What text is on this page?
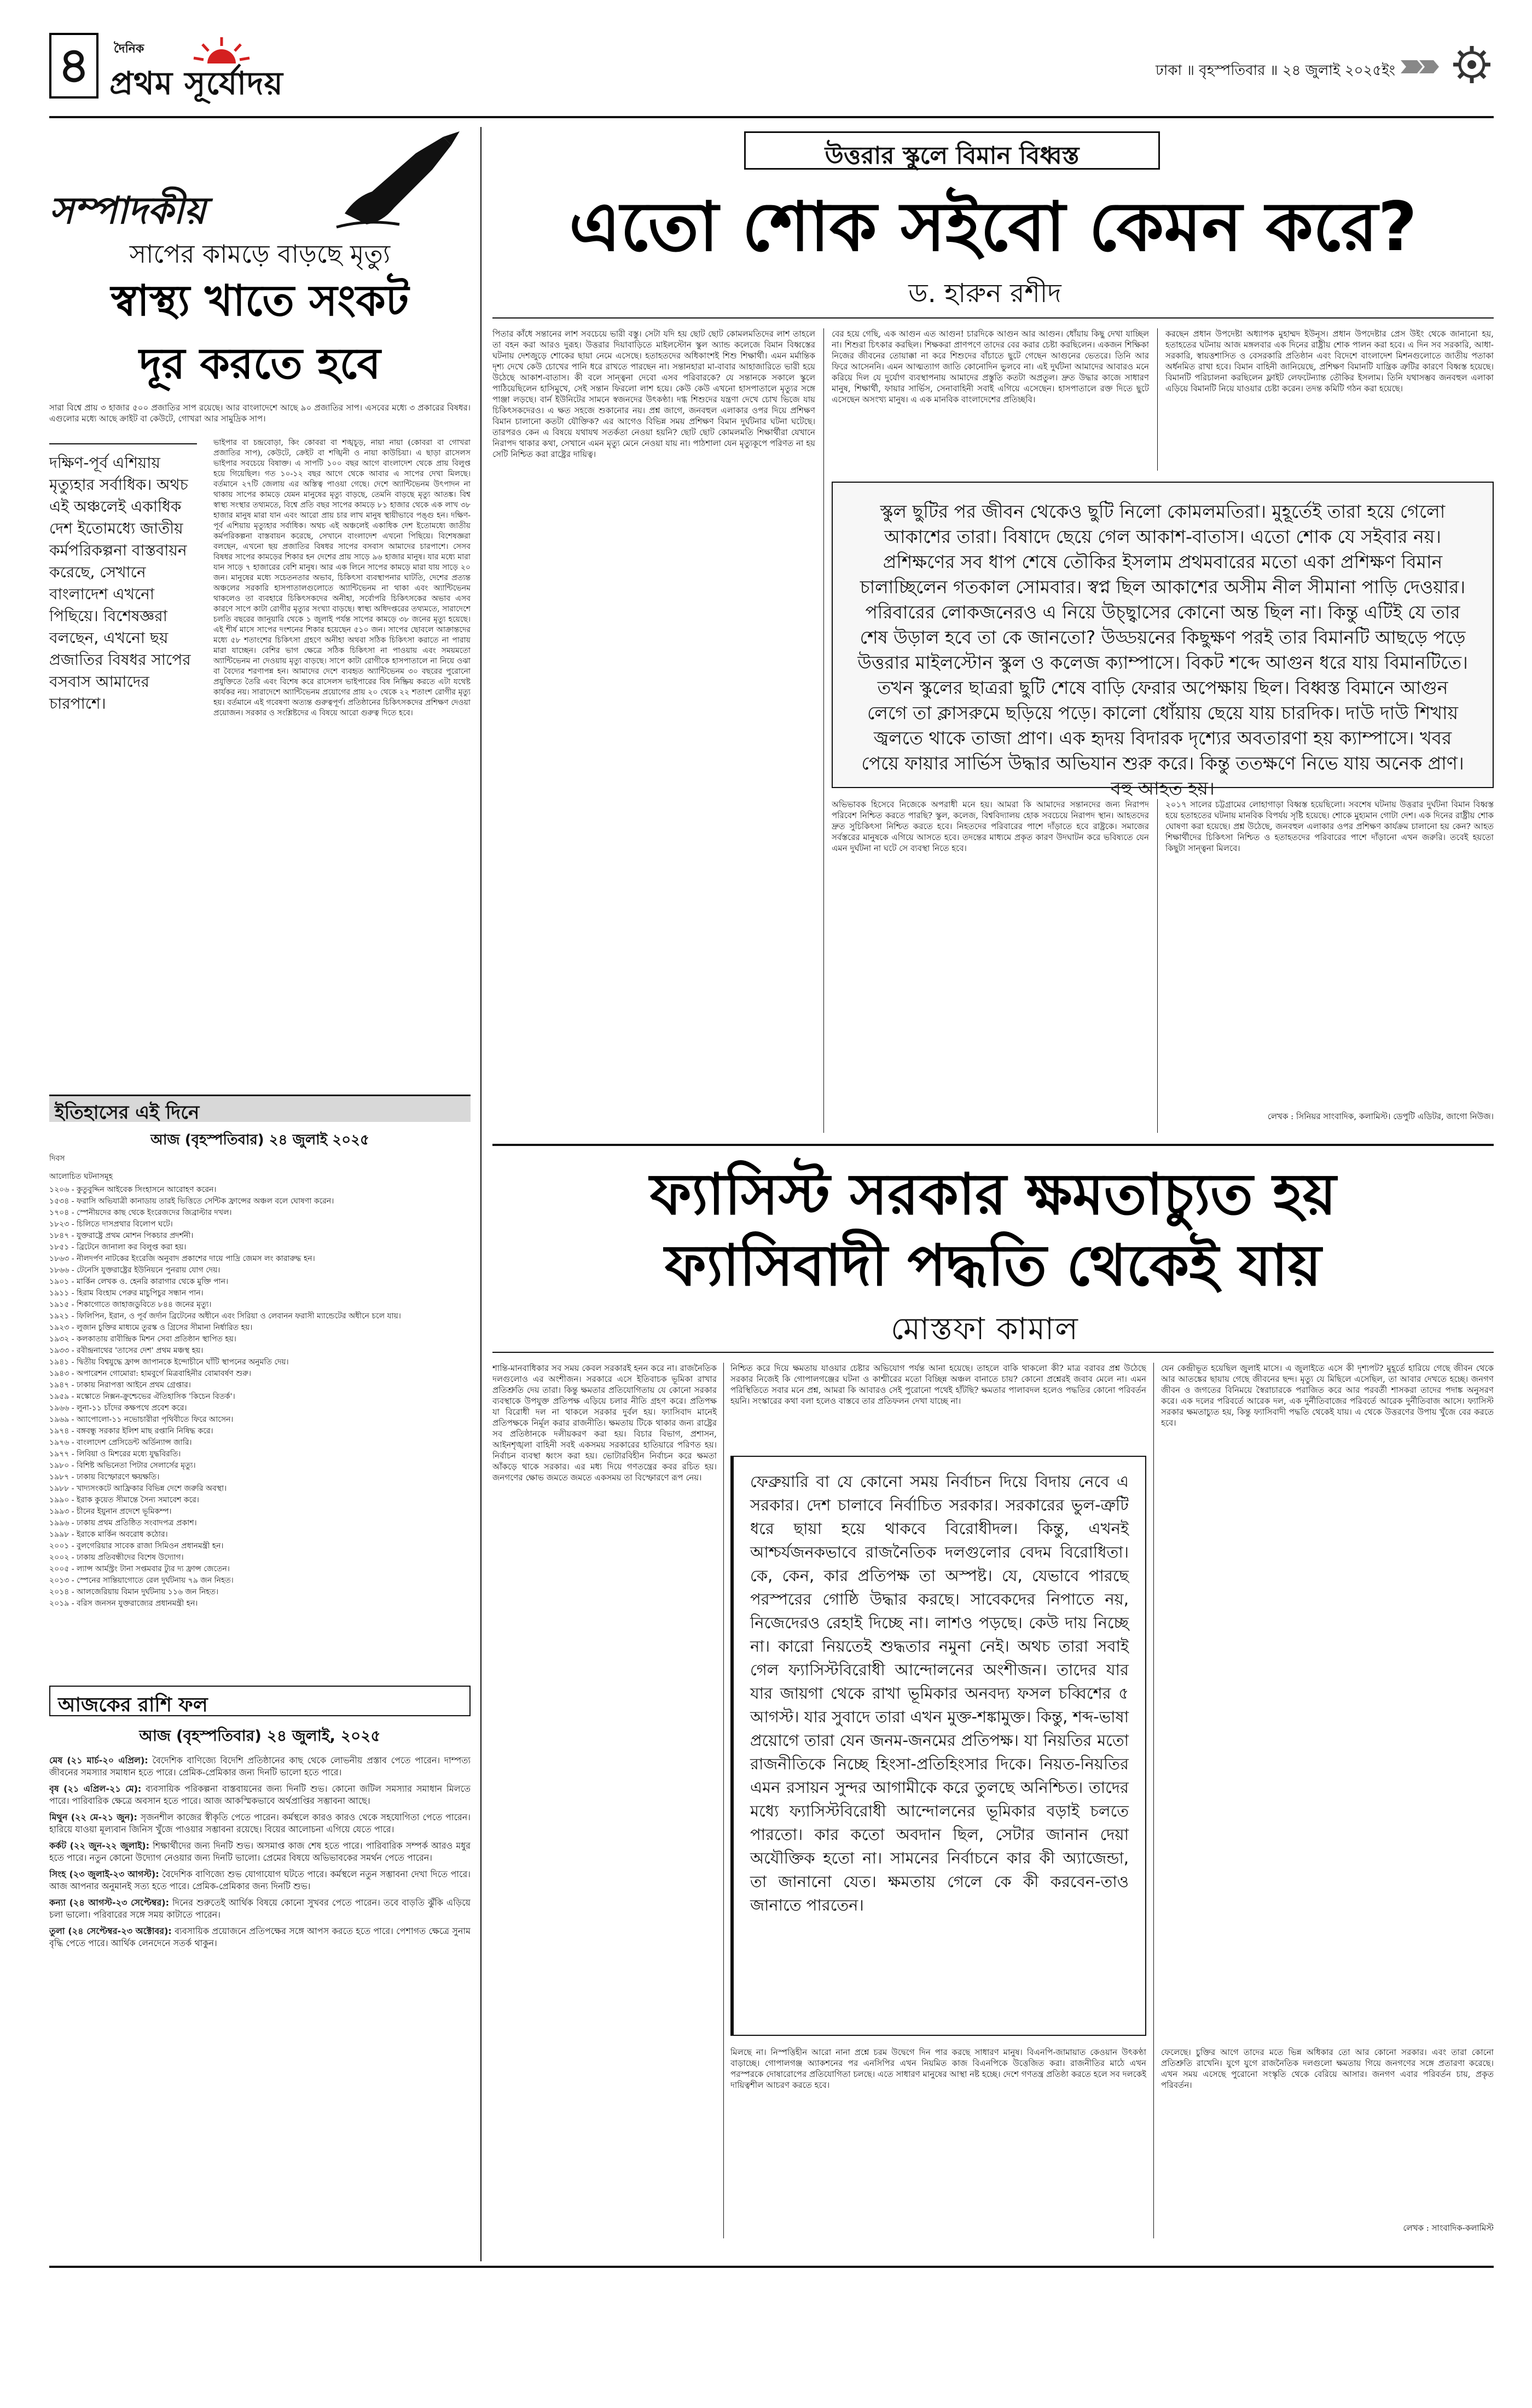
৪ দৈনিক
প্রথম সূর্যোদয়	ঢাকা ॥ বৃহস্পতিবার ॥ ২৪ জুলাই ২০২৫ইং
সম্পাদকীয়
সাপের কামড়ে বাড়ছে মৃত্যু
স্বাস্থ্য খাতে সংকট
দূর করতে হবে

সারা বিশ্বে প্রায় ৩ হাজার ৫০০ প্রজাতির সাপ রয়েছে। আর বাংলাদেশে আছে ৯০ প্রজাতির সাপ। এসবের মধ্যে ৩ প্রকারের বিষধর। এগুলোর মধ্যে আছে ক্রাইট বা কেউটে, গোখরা আর সামুদ্রিক সাপ।

দক্ষিণ-পূর্ব এশিয়ায় মৃত্যুহার সর্বাধিক। অথচ এই অঞ্চলেই একাধিক দেশ ইতোমধ্যে জাতীয় কর্মপরিকল্পনা বাস্তবায়ন করেছে, সেখানে বাংলাদেশ এখনো পিছিয়ে। বিশেষজ্ঞরা বলছেন, এখনো ছয় প্রজাতির বিষধর সাপের বসবাস আমাদের চারপাশে।

ভাইপার বা চন্দ্রবোড়া, কিং কোবরা বা শঙ্খচূড়, নায়া নায়া (কোবরা বা গোখরা প্রজাতির সাপ), কেউটে, ক্রেইট বা শঙ্খিনী ও নায়া কাউচিয়া। এ ছাড়া রাসেলস ভাইপার সবচেয়ে বিষাক্ত। এ সাপটি ১০০ বছর আগে বাংলাদেশ থেকে প্রায় বিলুপ্ত হয়ে গিয়েছিল। গত ১০-১২ বছর আগে থেকে আবার এ সাপের দেখা মিলছে। বর্তমানে ২৭টি জেলায় এর অস্তিত্ব পাওয়া গেছে। দেশে অ্যান্টিভেনম উৎপাদন না থাকায় সাপের কামড়ে যেমন মানুষের মৃত্যু বাড়ছে, তেমনি বাড়ছে মৃত্যু আতঙ্ক। বিশ্ব স্বাস্থ্য সংস্থার তথ্যমতে, বিশ্বে প্রতি বছর সাপের কামড়ে ৮১ হাজার থেকে এক লাখ ৩৮ হাজার মানুষ মারা যান এবং আরো প্রায় চার লাখ মানুষ স্থায়ীভাবে পঙ্গু হন। দক্ষিণ-পূর্ব এশিয়ায় মৃত্যুহার সর্বাধিক। অথচ এই অঞ্চলেই একাধিক দেশ ইতোমধ্যে জাতীয় কর্মপরিকল্পনা বাস্তবায়ন করেছে, সেখানে বাংলাদেশ এখনো পিছিয়ে। বিশেষজ্ঞরা বলছেন, এখনো ছয় প্রজাতির বিষধর সাপের বসবাস আমাদের চারপাশে। সেসব বিষধর সাপের কামড়ের শিকার হন দেশের প্রায় সাড়ে ৯৬ হাজার মানুষ। যার মধ্যে মারা যান সাড়ে ৭ হাজারের বেশি মানুষ। আর এক লিনে সাপের কামড়ে মারা যায় সাড়ে ২০ জন। মানুষের মধ্যে সচেতনতার অভাব, চিকিৎসা ব্যবস্থাপনার ঘাটতি, দেশের প্রত্যন্ত অঞ্চলের সরকারি হাসপাতালগুলোতে অ্যান্টিভেনম না থাকা এবং অ্যান্টিভেনম থাকলেও তা ব্যবহারে চিকিৎসকদের অনীহা, সর্বোপরি চিকিৎসকের অভাব এসব কারণে সাপে কাটা রোগীর মৃত্যুর সংখ্যা বাড়ছে। স্বাস্থ্য অধিদপ্তরের তথ্যমতে, সারাদেশে চলতি বছরের জানুয়ারি থেকে ১ জুলাই পর্যন্ত সাপের কামড়ে ৩৮ জনের মৃত্যু হয়েছে। এই শীর্ষ মাসে সাপের দংশনের শিকার হয়েছেন ৫১০ জন। সাপের ছোবলে আক্রান্তদের মধ্যে ৫৮ শতাংশের চিকিৎসা গ্রহণে অনীহা অথবা সঠিক চিকিৎসা করাতে না পারায় মারা যাচ্ছেন। বেশির ভাগ ক্ষেত্রে সঠিক চিকিৎসা না পাওয়ায় এবং সময়মতো অ্যান্টিভেনম না দেওয়ায় মৃত্যু বাড়ছে। সাপে কাটা রোগীকে হাসপাতালে না নিয়ে ওঝা বা বৈদ্যের শরণাপন্ন হন। আমাদের দেশে ব্যবহৃত অ্যান্টিভেনম ৩০ বছরের পুরোনো প্রযুক্তিতে তৈরি এবং বিশেষ করে রাসেলস ভাইপারের বিষ নিষ্ক্রিয় করতে এটা যথেষ্ট কার্যকর নয়। সারাদেশে অ্যান্টিভেনম প্রয়োগের প্রায় ২০ থেকে ২২ শতাংশ রোগীর মৃত্যু হয়। বর্তমানে এই গবেষণা অত্যন্ত গুরুত্বপূর্ণ। প্রতিষ্ঠানের চিকিৎসকদের প্রশিক্ষণ দেওয়া প্রয়োজন। সরকার ও সংশ্লিষ্টদের এ বিষয়ে আরো গুরুত্ব দিতে হবে।

ইতিহাসের এই দিনে
আজ (বৃহস্পতিবার) ২৪ জুলাই ২০২৫

দিবস

আলোচিত ঘটনাসমূহ

১২০৬ - কুতুবুদ্দিন আইবেক সিংহাসনে আরোহণ করেন।

১৫৩৪ - ফরাসি অভিযাত্রী কানাডায় তারই ভিত্তিতে সেন্টিক ফ্রান্সের অঞ্চল বলে ঘোষণা করেন।

১৭০৪ - স্পেনীয়দের কাছ থেকে ইংরেজদের জিব্রাল্টার দখল।

১৮২৩ - চিলিতে দাসপ্রথার বিলোপ ঘটে।

১৮৪৭ - যুক্তরাষ্ট্রে প্রথম মোশন পিকচার প্রদর্শনী।

১৮৫১ - ব্রিটেনে জানালা কর বিলুপ্ত করা হয়।

১৮৬৩ - নীলদর্পণ নাটকের ইংরেজি অনুবাদ প্রকাশের দায়ে পাদ্রি জেমস লং কারারুদ্ধ হন।

১৮৬৬ - টেনেসি যুক্তরাষ্ট্রের ইউনিয়নে পুনরায় যোগ দেয়।

১৯০১ - মার্কিন লেখক ও. হেনরি কারাগার থেকে মুক্তি পান।

১৯১১ - হিরাম বিংহাম পেরুর মাচুপিচুর সন্ধান পান।

১৯১৫ - শিকাগোতে জাহাজডুবিতে ৮৪৪ জনের মৃত্যু।

১৯২১ - ফিলিপিন, ইরান, ও পূর্ব জর্দান ব্রিটেনের অধীনে এবং সিরিয়া ও লেবানন ফরাসী ম্যান্ডেটের অধীনে চলে যায়।

১৯২৩ - লুজান চুক্তির মাধ্যমে তুরস্ক ও গ্রিসের সীমানা নির্ধারিত হয়।

১৯৩২ - কলকাতায় রাবীন্দ্রিক মিশন সেবা প্রতিষ্ঠান স্থাপিত হয়।

১৯৩৩ - রবীন্দ্রনাথের 'তাসের দেশ' প্রথম মঞ্চস্থ হয়।

১৯৪১ - দ্বিতীয় বিশ্বযুদ্ধে ফ্রান্স জাপানকে ইন্দোচীনে ঘাঁটি স্থাপনের অনুমতি দেয়।

১৯৪৩ - অপারেশন গোমোরা: হামবুর্গে মিত্রবাহিনীর বোমাবর্ষণ শুরু।

১৯৪৭ - ঢাকায় নিরাপত্তা আইনে প্রথম গ্রেপ্তার।

১৯৫৯ - মস্কোতে নিক্সন-ক্রুশ্চেভের ঐতিহাসিক 'কিচেন বিতর্ক'।

১৯৬৬ - লুনা-১১ চাঁদের কক্ষপথে প্রবেশ করে।

১৯৬৯ - অ্যাপোলো-১১ নভোচারীরা পৃথিবীতে ফিরে আসেন।

১৯৭৪ - বঙ্গবন্ধু সরকার ইলিশ মাছ রপ্তানি নিষিদ্ধ করে।

১৯৭৬ - বাংলাদেশ প্রেসিডেন্ট অর্ডিন্যান্স জারি।

১৯৭৭ - লিবিয়া ও মিশরের মধ্যে যুদ্ধবিরতি।

১৯৮০ - বিশিষ্ট অভিনেতা পিটার সেলার্সের মৃত্যু।

১৯৮৭ - ঢাকায় বিস্ফোরণে ক্ষয়ক্ষতি।

১৯৮৮ - খাদ্যসংকটে আফ্রিকার বিভিন্ন দেশে জরুরি অবস্থা।

১৯৯০ - ইরাক কুয়েত সীমান্তে সৈন্য সমাবেশ করে।

১৯৯৩ - চীনের ইয়ুনান প্রদেশে ভূমিকম্প।

১৯৯৬ - ঢাকায় প্রথম প্রতিষ্ঠিত সংবাদপত্র প্রকাশ।

১৯৯৮ - ইরাকে মার্কিন অবরোধ কঠোর।

২০০১ - বুলগেরিয়ার সাবেক রাজা সিমিওন প্রধানমন্ত্রী হন।

২০০২ - ঢাকায় প্রতিবন্ধীদের বিশেষ উদ্যোগ।

২০০৫ - ল্যান্স আর্মস্ট্রং টানা সপ্তমবার ট্যুর দ্য ফ্রান্স জেতেন।

২০১৩ - স্পেনের সান্তিয়াগোতে রেল দুর্ঘটনায় ৭৯ জন নিহত।

২০১৪ - আলজেরিয়ায় বিমান দুর্ঘটনায় ১১৬ জন নিহত।

২০১৯ - বরিস জনসন যুক্তরাজ্যের প্রধানমন্ত্রী হন।

আজকের রাশি ফল
আজ (বৃহস্পতিবার) ২৪ জুলাই, ২০২৫

মেষ (২১ মার্চ-২০ এপ্রিল): বৈদেশিক বাণিজ্যে বিদেশি প্রতিষ্ঠানের কাছ থেকে লোভনীয় প্রস্তাব পেতে পারেন। দাম্পত্য জীবনের সমস্যার সমাধান হতে পারে। প্রেমিক-প্রেমিকার জন্য দিনটি ভালো হতে পারে।

বৃষ (২১ এপ্রিল-২১ মে): ব্যবসায়িক পরিকল্পনা বাস্তবায়নের জন্য দিনটি শুভ। কোনো জটিল সমস্যার সমাধান মিলতে পারে। পারিবারিক ক্ষেত্রে অবসান হতে পারে। আজ আকস্মিকভাবে অর্থপ্রাপ্তির সম্ভাবনা আছে।

মিথুন (২২ মে-২১ জুন): সৃজনশীল কাজের স্বীকৃতি পেতে পারেন। কর্মস্থলে কারও কারও থেকে সহযোগিতা পেতে পারেন। হারিয়ে যাওয়া মূল্যবান জিনিস খুঁজে পাওয়ার সম্ভাবনা রয়েছে। বিয়ের আলোচনা এগিয়ে যেতে পারে।

কর্কট (২২ জুন-২২ জুলাই): শিক্ষার্থীদের জন্য দিনটি শুভ। অসমাপ্ত কাজ শেষ হতে পারে। পারিবারিক সম্পর্ক আরও মধুর হতে পারে। নতুন কোনো উদ্যোগ নেওয়ার জন্য দিনটি ভালো। প্রেমের বিষয়ে অভিভাবকের সমর্থন পেতে পারেন।

সিংহ (২৩ জুলাই-২৩ আগস্ট): বৈদেশিক বাণিজ্যে শুভ যোগাযোগ ঘটতে পারে। কর্মস্থলে নতুন সম্ভাবনা দেখা দিতে পারে। আজ আপনার অনুমানই সত্য হতে পারে। প্রেমিক-প্রেমিকার জন্য দিনটি শুভ।

কন্যা (২৪ আগস্ট-২৩ সেপ্টেম্বর): দিনের শুরুতেই আর্থিক বিষয়ে কোনো সুখবর পেতে পারেন। তবে বাড়তি ঝুঁকি এড়িয়ে চলা ভালো। পরিবারের সঙ্গে সময় কাটাতে পারেন।

তুলা (২৪ সেপ্টেম্বর-২৩ অক্টোবর): ব্যবসায়িক প্রয়োজনে প্রতিপক্ষের সঙ্গে আপস করতে হতে পারে। পেশাগত ক্ষেত্রে সুনাম বৃদ্ধি পেতে পারে। আর্থিক লেনদেনে সতর্ক থাকুন।

উত্তরার স্কুলে বিমান বিধ্বস্ত
এতো শোক সইবো কেমন করে?
ড. হারুন রশীদ

পিতার কাঁধে সন্তানের লাশ সবচেয়ে ভারী বস্তু। সেটা যদি হয় ছোট ছোট কোমলমতিদের লাশ তাহলে তা বহন করা আরও দুরূহ। উত্তরার দিয়াবাড়িতে মাইলস্টোন স্কুল অ্যান্ড কলেজে বিমান বিধ্বস্তের ঘটনায় দেশজুড়ে শোকের ছায়া নেমে এসেছে। হতাহতদের অধিকাংশই শিশু শিক্ষার্থী। এমন মর্মান্তিক দৃশ্য দেখে কেউ চোখের পানি ধরে রাখতে পারছেন না। সন্তানহারা মা-বাবার আহাজারিতে ভারী হয়ে উঠেছে আকাশ-বাতাস। কী বলে সান্ত্বনা দেবো এসব পরিবারকে? যে সন্তানকে সকালে স্কুলে পাঠিয়েছিলেন হাসিমুখে, সেই সন্তান ফিরলো লাশ হয়ে। কেউ কেউ এখনো হাসপাতালে মৃত্যুর সঙ্গে পাঞ্জা লড়ছে। বার্ন ইউনিটের সামনে স্বজনদের উৎকণ্ঠা। দগ্ধ শিশুদের যন্ত্রণা দেখে চোখ ভিজে যায় চিকিৎসকদেরও। এ ক্ষত সহজে শুকানোর নয়। প্রশ্ন জাগে, জনবহুল এলাকার ওপর দিয়ে প্রশিক্ষণ বিমান চালানো কতটা যৌক্তিক? এর আগেও বিভিন্ন সময় প্রশিক্ষণ বিমান দুর্ঘটনার ঘটনা ঘটেছে। তারপরও কেন এ বিষয়ে যথাযথ সতর্কতা নেওয়া হয়নি? ছোট ছোট কোমলমতি শিক্ষার্থীরা যেখানে নিরাপদ থাকার কথা, সেখানে এমন মৃত্যু মেনে নেওয়া যায় না। পাঠশালা যেন মৃত্যুকূপে পরিণত না হয় সেটি নিশ্চিত করা রাষ্ট্রের দায়িত্ব।

বের হয়ে গেছি, এক আগুন এত আগুন! চারদিকে আগুন আর আগুন। ধোঁয়ায় কিছু দেখা যাচ্ছিল না। শিশুরা চিৎকার করছিল। শিক্ষকরা প্রাণপণে তাদের বের করার চেষ্টা করছিলেন। একজন শিক্ষিকা নিজের জীবনের তোয়াক্কা না করে শিশুদের বাঁচাতে ছুটে গেছেন আগুনের ভেতরে। তিনি আর ফিরে আসেননি। এমন আত্মত্যাগ জাতি কোনোদিন ভুলবে না। এই দুর্ঘটনা আমাদের আবারও মনে করিয়ে দিল যে দুর্যোগ ব্যবস্থাপনায় আমাদের প্রস্তুতি কতটা অপ্রতুল। দ্রুত উদ্ধার কাজে সাধারণ মানুষ, শিক্ষার্থী, ফায়ার সার্ভিস, সেনাবাহিনী সবাই এগিয়ে এসেছেন। হাসপাতালে রক্ত দিতে ছুটে এসেছেন অসংখ্য মানুষ। এ এক মানবিক বাংলাদেশের প্রতিচ্ছবি।

করছেন প্রধান উপদেষ্টা অধ্যাপক মুহাম্মদ ইউনূস। প্রধান উপদেষ্টার প্রেস উইং থেকে জানানো হয়, হতাহতের ঘটনায় আজ মঙ্গলবার এক দিনের রাষ্ট্রীয় শোক পালন করা হবে। এ দিন সব সরকারি, আধা-সরকারি, স্বায়ত্তশাসিত ও বেসরকারি প্রতিষ্ঠান এবং বিদেশে বাংলাদেশ মিশনগুলোতে জাতীয় পতাকা অর্ধনমিত রাখা হবে। বিমান বাহিনী জানিয়েছে, প্রশিক্ষণ বিমানটি যান্ত্রিক ত্রুটির কারণে বিধ্বস্ত হয়েছে। বিমানটি পরিচালনা করছিলেন ফ্লাইট লেফটেন্যান্ত তৌকির ইসলাম। তিনি যথাসম্ভব জনবহুল এলাকা এড়িয়ে বিমানটি নিয়ে যাওয়ার চেষ্টা করেন। তদন্ত কমিটি গঠন করা হয়েছে।

স্কুল ছুটির পর জীবন থেকেও ছুটি নিলো কোমলমতিরা। মুহূর্তেই তারা হয়ে গেলো আকাশের তারা। বিষাদে ছেয়ে গেল আকাশ-বাতাস। এতো শোক যে সইবার নয়। প্রশিক্ষণের সব ধাপ শেষে তৌকির ইসলাম প্রথমবারের মতো একা প্রশিক্ষণ বিমান চালাচ্ছিলেন গতকাল সোমবার। স্বপ্ন ছিল আকাশের অসীম নীল সীমানা পাড়ি দেওয়ার। পরিবারের লোকজনেরও এ নিয়ে উচ্ছ্বাসের কোনো অন্ত ছিল না। কিন্তু এটিই যে তার শেষ উড়াল হবে তা কে জানতো? উড্ডয়নের কিছুক্ষণ পরই তার বিমানটি আছড়ে পড়ে উত্তরার মাইলস্টোন স্কুল ও কলেজ ক্যাম্পাসে। বিকট শব্দে আগুন ধরে যায় বিমানটিতে। তখন স্কুলের ছাত্ররা ছুটি শেষে বাড়ি ফেরার অপেক্ষায় ছিল। বিধ্বস্ত বিমানে আগুন লেগে তা ক্লাসরুমে ছড়িয়ে পড়ে। কালো ধোঁয়ায় ছেয়ে যায় চারদিক। দাউ দাউ শিখায় জ্বলতে থাকে তাজা প্রাণ। এক হৃদয় বিদারক দৃশ্যের অবতারণা হয় ক্যাম্পাসে। খবর পেয়ে ফায়ার সার্ভিস উদ্ধার অভিযান শুরু করে। কিন্তু ততক্ষণে নিভে যায় অনেক প্রাণ। বহু আহত হয়।

অভিভাবক হিসেবে নিজেকে অপরাধী মনে হয়। আমরা কি আমাদের সন্তানদের জন্য নিরাপদ পরিবেশ নিশ্চিত করতে পারছি? স্কুল, কলেজ, বিশ্ববিদ্যালয় হোক সবচেয়ে নিরাপদ স্থান। আহতদের দ্রুত সুচিকিৎসা নিশ্চিত করতে হবে। নিহতদের পরিবারের পাশে দাঁড়াতে হবে রাষ্ট্রকে। সমাজের সর্বস্তরের মানুষকে এগিয়ে আসতে হবে। তদন্তের মাধ্যমে প্রকৃত কারণ উদঘাটন করে ভবিষ্যতে যেন এমন দুর্ঘটনা না ঘটে সে ব্যবস্থা নিতে হবে।

২০১৭ সালের চট্টগ্রামের লোহাগাড়া বিধ্বস্ত হয়েছিলো। সবশেষ ঘটনায় উত্তরার দুর্ঘটনা বিমান বিধ্বস্ত হয়ে হতাহতের ঘটনায় মানবিক বিপর্যয় সৃষ্টি হয়েছে। শোকে মুহ্যমান গোটা দেশ। এক দিনের রাষ্ট্রীয় শোক ঘোষণা করা হয়েছে। প্রশ্ন উঠেছে, জনবহুল এলাকার ওপর প্রশিক্ষণ কার্যক্রম চালানো হয় কেন? আহত শিক্ষার্থীদের চিকিৎসা নিশ্চিত ও হতাহতদের পরিবারের পাশে দাঁড়ানো এখন জরুরি। তবেই হয়তো কিছুটা সান্ত্বনা মিলবে।

লেখক : সিনিয়র সাংবাদিক, কলামিস্ট। ডেপুটি এডিটর, জাগো নিউজ।
ফ্যাসিস্ট সরকার ক্ষমতাচ্যুত হয়
ফ্যাসিবাদী পদ্ধতি থেকেই যায়
মোস্তফা কামাল

শান্তি-মানবাধিকার সব সময় কেবল সরকারই হনন করে না। রাজনৈতিক দলগুলোও এর অংশীজন। সরকারে এসে ইতিবাচক ভূমিকা রাখার প্রতিশ্রুতি দেয় তারা। কিন্তু ক্ষমতার প্রতিযোগিতায় যে কোনো সরকার ব্যবস্থাকে উপযুক্ত প্রতিপক্ষ এড়িয়ে চলার নীতি গ্রহণ করে। প্রতিপক্ষ যা বিরোধী দল না থাকলে সরকার দুর্বল হয়। ফ্যাসিবাদ মানেই প্রতিপক্ষকে নির্মূল করার রাজনীতি। ক্ষমতায় টিকে থাকার জন্য রাষ্ট্রের সব প্রতিষ্ঠানকে দলীয়করণ করা হয়। বিচার বিভাগ, প্রশাসন, আইনশৃঙ্খলা বাহিনী সবই একসময় সরকারের হাতিয়ারে পরিণত হয়। নির্বাচন ব্যবস্থা ধ্বংস করা হয়। ভোটারবিহীন নির্বাচন করে ক্ষমতা আঁকড়ে থাকে সরকার। এর মধ্য দিয়ে গণতন্ত্রের কবর রচিত হয়। জনগণের ক্ষোভ জমতে জমতে একসময় তা বিস্ফোরণে রূপ নেয়।

নিশ্চিত করে দিয়ে ক্ষমতায় যাওয়ার চেষ্টার অভিযোগ পর্যন্ত আনা হয়েছে। তাহলে বাকি থাকলো কী? মাত্র বরাবর প্রশ্ন উঠেছে সরকার নিজেই কি গোপালগঞ্জের ঘটনা ও কাশ্মীরের মতো বিচ্ছিন্ন অঞ্চল বানাতে চায়? কোনো প্রশ্নেরই জবাব মেলে না। এমন পরিস্থিতিতে সবার মনে প্রশ্ন, আমরা কি আবারও সেই পুরোনো পথেই হাঁটছি? ক্ষমতার পালাবদল হলেও পদ্ধতির কোনো পরিবর্তন হয়নি। সংস্কারের কথা বলা হলেও বাস্তবে তার প্রতিফলন দেখা যাচ্ছে না।

যেন কেন্দ্রীভূত হয়েছিল জুলাই মাসে। এ জুলাইতে এসে কী দৃশ্যপট? মুহূর্তে হারিয়ে গেছে জীবন থেকে আর আতঙ্কের ছায়ায় গেছে জীবনের ছন্দ। মৃত্যু যে মিছিলে এসেছিল, তা আবার দেখতে হচ্ছে। জনগণ জীবন ও জগতের বিনিময়ে স্বৈরাচারকে পরাজিত করে আর পরবর্তী শাসকরা তাদের পদাঙ্ক অনুসরণ করে। এক দলের পরিবর্তে আরেক দল, এক দুর্নীতিবাজের পরিবর্তে আরেক দুর্নীতিবাজ আসে। ফ্যাসিস্ট সরকার ক্ষমতাচ্যুত হয়, কিন্তু ফ্যাসিবাদী পদ্ধতি থেকেই যায়। এ থেকে উত্তরণের উপায় খুঁজে বের করতে হবে।

ফেব্রুয়ারি বা যে কোনো সময় নির্বাচন দিয়ে বিদায় নেবে এ সরকার। দেশ চালাবে নির্বাচিত সরকার। সরকারের ভুল-ত্রুটি ধরে ছায়া হয়ে থাকবে বিরোধীদল। কিন্তু, এখনই আশ্চর্যজনকভাবে রাজনৈতিক দলগুলোর বেদম বিরোধিতা। কে, কেন, কার প্রতিপক্ষ তা অস্পষ্ট। যে, যেভাবে পারছে পরস্পরের গোষ্ঠি উদ্ধার করছে। সাবেকদের নিপাতে নয়, নিজেদেরও রেহাই দিচ্ছে না। লাশও পড়ছে। কেউ দায় নিচ্ছে না। কারো নিয়তেই শুদ্ধতার নমুনা নেই। অথচ তারা সবাই গেল ফ্যাসিস্টবিরোধী আন্দোলনের অংশীজন। তাদের যার যার জায়গা থেকে রাখা ভূমিকার অনবদ্য ফসল চব্বিশের ৫ আগস্ট। যার সুবাদে তারা এখন মুক্ত-শঙ্কামুক্ত। কিন্তু, শব্দ-ভাষা প্রয়োগে তারা যেন জনম-জনমের প্রতিপক্ষ। যা নিয়তির মতো রাজনীতিকে নিচ্ছে হিংসা-প্রতিহিংসার দিকে। নিয়ত-নিয়তির এমন রসায়ন সুন্দর আগামীকে করে তুলছে অনিশ্চিত। তাদের মধ্যে ফ্যাসিস্টবিরোধী আন্দোলনের ভূমিকার বড়াই চলতে পারতো। কার কতো অবদান ছিল, সেটার জানান দেয়া অযৌক্তিক হতো না। সামনের নির্বাচনে কার কী অ্যাজেন্ডা, তা জানানো যেত। ক্ষমতায় গেলে কে কী করবেন-তাও জানাতে পারতেন।

মিলছে না। নিস্পত্তিহীন আরো নানা প্রশ্নে চরম উদ্বেগে দিন পার করছে সাধারণ মানুষ। বিএনপি-জামায়াত কেওয়ান উৎকণ্ঠা বাড়াচ্ছে। গোপালগঞ্জ অ্যাকশনের পর এনসিপির এখন নিয়মিত কাজ বিএনপিকে উত্তেজিত করা। রাজনীতির মাঠে এখন পরস্পরকে দোষারোপের প্রতিযোগিতা চলছে। এতে সাধারণ মানুষের আস্থা নষ্ট হচ্ছে। দেশে গণতন্ত্র প্রতিষ্ঠা করতে হলে সব দলকেই দায়িত্বশীল আচরণ করতে হবে।

ফেলেছে। চুক্তির আগে তাদের মতে ভিন্ন অধিকার তো আর কোনো সরকার। এবং তারা কোনো প্রতিশ্রুতি রাখেনি। যুগে যুগে রাজনৈতিক দলগুলো ক্ষমতায় গিয়ে জনগণের সঙ্গে প্রতারণা করেছে। এখন সময় এসেছে পুরোনো সংস্কৃতি থেকে বেরিয়ে আসার। জনগণ এবার পরিবর্তন চায়, প্রকৃত পরিবর্তন।

লেখক : সাংবাদিক-কলামিস্ট
